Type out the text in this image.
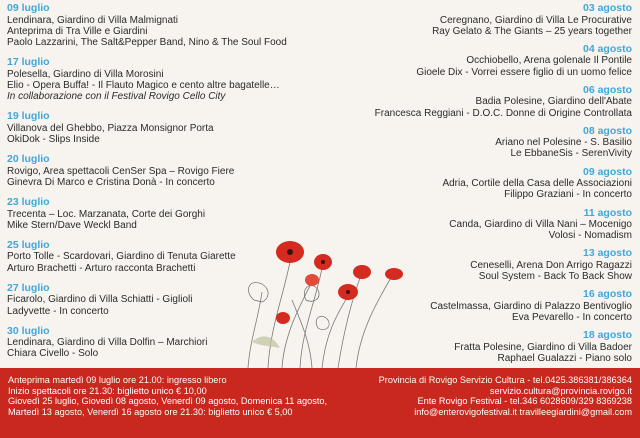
09 luglio
Lendinara, Giardino di Villa Malmignati
Anteprima di Tra Ville e Giardini
Paolo Lazzarini, The Salt&Pepper Band, Nino & The Soul Food
17 luglio
Polesella, Giardino di Villa Morosini
Elio - Opera Buffa! - Il Flauto Magico e cento altre bagatelle…
In collaborazione con il Festival Rovigo Cello City
19 luglio
Villanova del Ghebbo, Piazza Monsignor Porta
OkiDok - Slips Inside
20 luglio
Rovigo, Area spettacoli CenSer Spa – Rovigo Fiere
Ginevra Di Marco e Cristina Donà - In concerto
23 luglio
Trecenta – Loc. Marzanata, Corte dei Gorghi
Mike Stern/Dave Weckl Band
25 luglio
Porto Tolle - Scardovari, Giardino di Tenuta Giarette
Arturo Brachetti - Arturo racconta Brachetti
27 luglio
Ficarolo, Giardino di Villa Schiatti - Giglioli
Ladyvette - In concerto
30 luglio
Lendinara, Giardino di Villa Dolfin – Marchiori
Chiara Civello - Solo
03 agosto
Ceregnano, Giardino di Villa Le Procurative
Ray Gelato & The Giants – 25 years together
04 agosto
Occhiobello, Arena golenale Il Pontile
Gioele Dix - Vorrei essere figlio di un uomo felice
06 agosto
Badia Polesine, Giardino dell'Abate
Francesca Reggiani - D.O.C. Donne di Origine Controllata
08 agosto
Ariano nel Polesine - S. Basilio
Le EbbaneSis - SerenVivity
09 agosto
Adria, Cortile della Casa delle Associazioni
Filippo Graziani - In concerto
11 agosto
Canda, Giardino di Villa Nani – Mocenigo
Volosi - Nomadism
13 agosto
Ceneselli, Arena Don Arrigo Ragazzi
Soul System - Back To Back Show
16 agosto
Castelmassa, Giardino di Palazzo Bentivoglio
Eva Pevarello - In concerto
18 agosto
Fratta Polesine, Giardino di Villa Badoer
Raphael Gualazzi - Piano solo
Anteprima martedì 09 luglio ore 21.00: ingresso libero
Inizio spettacoli ore 21.30: biglietto unico € 10,00
Giovedì 25 luglio, Giovedì 08 agosto, Venerdì 09 agosto, Domenica 11 agosto,
Martedì 13 agosto, Venerdì 16 agosto ore 21.30: biglietto unico € 5,00
Provincia di Rovigo Servizio Cultura - tel.0425.386381/386364
servizio.cultura@provincia.rovigo.it
Ente Rovigo Festival - tel.346 6028609/329 8369238
info@enterovigofestival.it travilleegiardini@gmail.com
